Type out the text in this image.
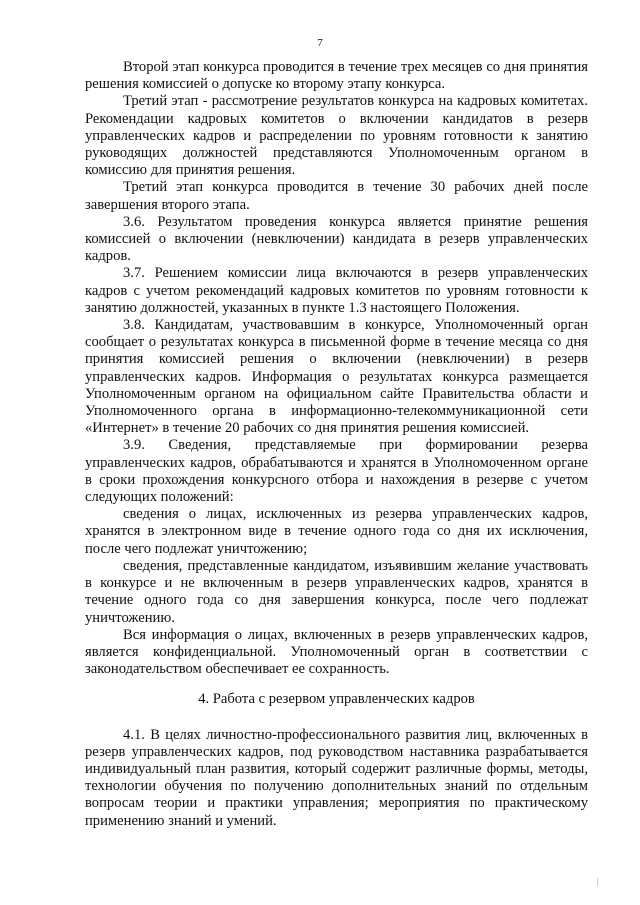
7

Второй этап конкурса проводится в течение трех месяцев со дня принятия решения комиссией о допуске ко второму этапу конкурса.

Третий этап - рассмотрение результатов конкурса на кадровых комитетах. Рекомендации кадровых комитетов о включении кандидатов в резерв управленческих кадров и распределении по уровням готовности к занятию руководящих должностей представляются Уполномоченным органом в комиссию для принятия решения.

Третий этап конкурса проводится в течение 30 рабочих дней после завершения второго этапа.

3.6. Результатом проведения конкурса является принятие решения комиссией о включении (невключении) кандидата в резерв управленческих кадров.

3.7. Решением комиссии лица включаются в резерв управленческих кадров с учетом рекомендаций кадровых комитетов по уровням готовности к занятию должностей, указанных в пункте 1.3 настоящего Положения.

3.8. Кандидатам, участвовавшим в конкурсе, Уполномоченный орган сообщает о результатах конкурса в письменной форме в течение месяца со дня принятия комиссией решения о включении (невключении) в резерв управленческих кадров. Информация о результатах конкурса размещается Уполномоченным органом на официальном сайте Правительства области и Уполномоченного органа в информационно-телекоммуникационной сети «Интернет» в течение 20 рабочих со дня принятия решения комиссией.

3.9. Сведения, представляемые при формировании резерва управленческих кадров, обрабатываются и хранятся в Уполномоченном органе в сроки прохождения конкурсного отбора и нахождения в резерве с учетом следующих положений:

сведения о лицах, исключенных из резерва управленческих кадров, хранятся в электронном виде в течение одного года со дня их исключения, после чего подлежат уничтожению;

сведения, представленные кандидатом, изъявившим желание участвовать в конкурсе и не включенным в резерв управленческих кадров, хранятся в течение одного года со дня завершения конкурса, после чего подлежат уничтожению.

Вся информация о лицах, включенных в резерв управленческих кадров, является конфиденциальной. Уполномоченный орган в соответствии с законодательством обеспечивает ее сохранность.

4. Работа с резервом управленческих кадров

4.1. В целях личностно-профессионального развития лиц, включенных в резерв управленческих кадров, под руководством наставника разрабатывается индивидуальный план развития, который содержит различные формы, методы, технологии обучения по получению дополнительных знаний по отдельным вопросам теории и практики управления; мероприятия по практическому применению знаний и умений.
